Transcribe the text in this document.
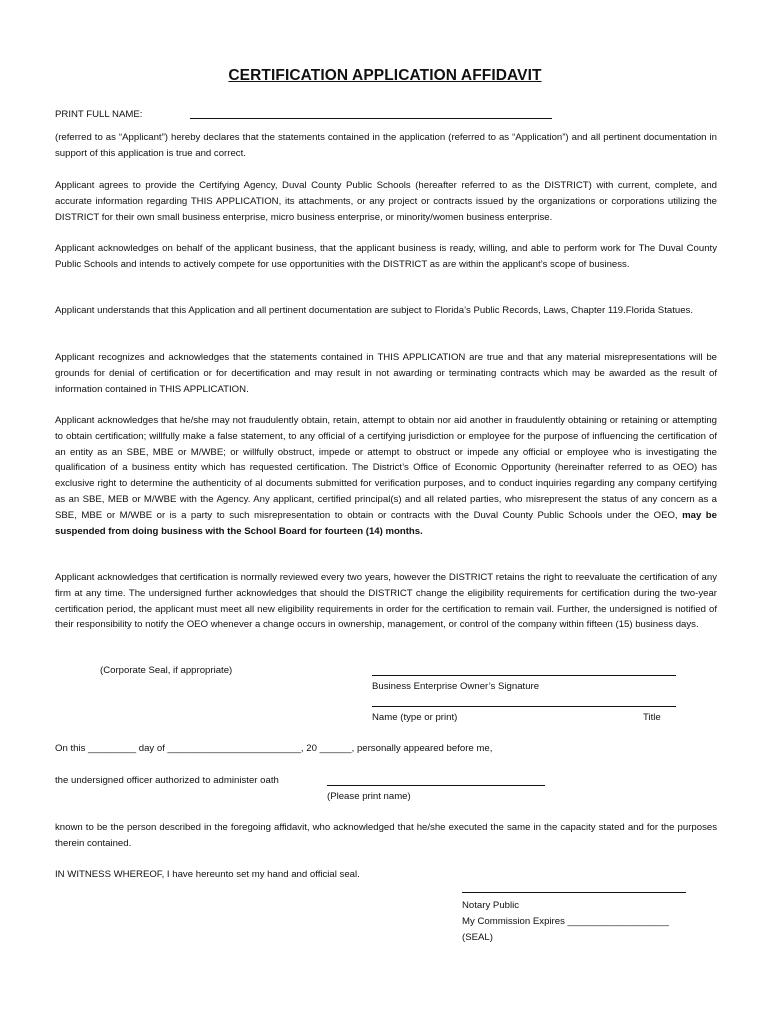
CERTIFICATION APPLICATION AFFIDAVIT
PRINT FULL NAME:

(referred to as “Applicant”) hereby declares that the statements contained in the application (referred to as “Application”) and all pertinent documentation in support of this application is true and correct.

Applicant agrees to provide the Certifying Agency, Duval County Public Schools (hereafter referred to as the DISTRICT) with current, complete, and accurate information regarding THIS APPLICATION, its attachments, or any project or contracts issued by the organizations or corporations utilizing the DISTRICT for their own small business enterprise, micro business enterprise, or minority/women business enterprise.

Applicant acknowledges on behalf of the applicant business, that the applicant business is ready, willing, and able to perform work for The Duval County Public Schools and intends to actively compete for use opportunities with the DISTRICT as are within the applicant’s scope of business.

Applicant understands that this Application and all pertinent documentation are subject to Florida’s Public Records, Laws, Chapter 119.Florida Statues.

Applicant recognizes and acknowledges that the statements contained in THIS APPLICATION are true and that any material misrepresentations will be grounds for denial of certification or for decertification and may result in not awarding or terminating contracts which may be awarded as the result of information contained in THIS APPLICATION.

Applicant acknowledges that he/she may not fraudulently obtain, retain, attempt to obtain nor aid another in fraudulently obtaining or retaining or attempting to obtain certification; willfully make a false statement, to any official of a certifying jurisdiction or employee for the purpose of influencing the certification of an entity as an SBE, MBE or M/WBE; or willfully obstruct, impede or attempt to obstruct or impede any official or employee who is investigating the qualification of a business entity which has requested certification. The District’s Office of Economic Opportunity (hereinafter referred to as OEO) has exclusive right to determine the authenticity of al documents submitted for verification purposes, and to conduct inquiries regarding any company certifying as an SBE, MEB or M/WBE with the Agency. Any applicant, certified principal(s) and all related parties, who misrepresent the status of any concern as a SBE, MBE or M/WBE or is a party to such misrepresentation to obtain or contracts with the Duval County Public Schools under the OEO, may be suspended from doing business with the School Board for fourteen (14) months.

Applicant acknowledges that certification is normally reviewed every two years, however the DISTRICT retains the right to reevaluate the certification of any firm at any time. The undersigned further acknowledges that should the DISTRICT change the eligibility requirements for certification during the two-year certification period, the applicant must meet all new eligibility requirements in order for the certification to remain vail. Further, the undersigned is notified of their responsibility to notify the OEO whenever a change occurs in ownership, management, or control of the company within fifteen (15) business days.

(Corporate Seal, if appropriate)
Business Enterprise Owner’s Signature
Name (type or print)	Title
On this _________ day of _________________________, 20 ______, personally appeared before me,
the undersigned officer authorized to administer oath
(Please print name)

known to be the person described in the foregoing affidavit, who acknowledged that he/she executed the same in the capacity stated and for the purposes therein contained.

IN WITNESS WHEREOF, I have hereunto set my hand and official seal.
Notary Public
My Commission Expires ___________________
(SEAL)
